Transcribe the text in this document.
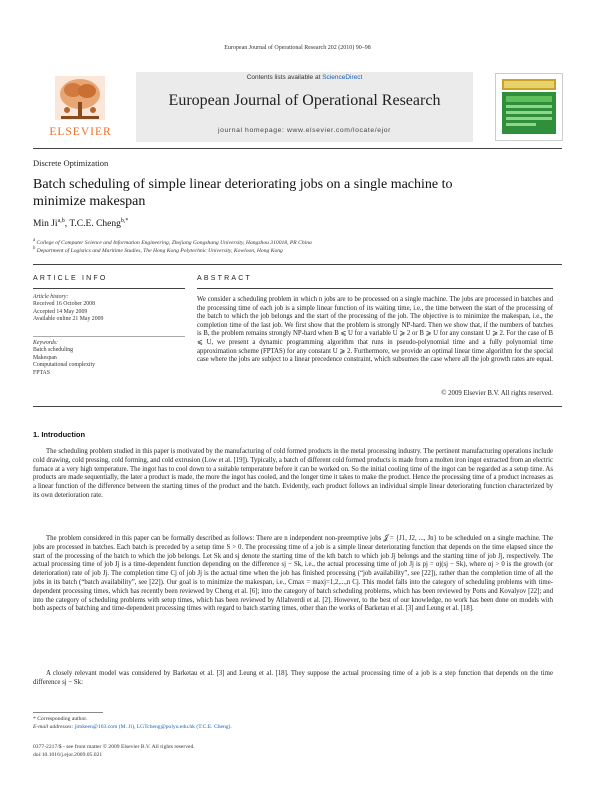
European Journal of Operational Research 202 (2010) 90–98
ELSEVIER
Contents lists available at ScienceDirect
European Journal of Operational Research
journal homepage: www.elsevier.com/locate/ejor
Discrete Optimization
Batch scheduling of simple linear deteriorating jobs on a single machine to minimize makespan
Min Ji$^{a,b}$, T.C.E. Cheng$^{b,*}$
$^a$ College of Computer Science and Information Engineering, Zhejiang Gongshang University, Hangzhou 310018, PR China
$^b$ Department of Logistics and Maritime Studies, The Hong Kong Polytechnic University, Kowloon, Hong Kong
ARTICLE INFO	ABSTRACT
Article history:
Received 16 October 2008
Accepted 14 May 2009
Available online 21 May 2009
Keywords:
Batch scheduling
Makespan
Computational complexity
FPTAS
We consider a scheduling problem in which n jobs are to be processed on a single machine. The jobs are processed in batches and the processing time of each job is a simple linear function of its waiting time, i.e., the time between the start of the processing of the batch to which the job belongs and the start of the processing of the job. The objective is to minimize the makespan, i.e., the completion time of the last job. We first show that the problem is strongly NP-hard. Then we show that, if the numbers of batches is B, the problem remains strongly NP-hard when B ⩽ U for a variable U ⩾ 2 or B ⩾ U for any constant U ⩾ 2. For the case of B ⩽ U, we present a dynamic programming algorithm that runs in pseudo-polynomial time and a fully polynomial time approximation scheme (FPTAS) for any constant U ⩾ 2. Furthermore, we provide an optimal linear time algorithm for the special case where the jobs are subject to a linear precedence constraint, which subsumes the case where all the job growth rates are equal.
© 2009 Elsevier B.V. All rights reserved.
1. Introduction
The scheduling problem studied in this paper is motivated by the manufacturing of cold formed products in the metal processing industry. The pertinent manufacturing operations include cold drawing, cold pressing, cold forming, and cold extrusion (Low et al. [19]). Typically, a batch of different cold formed products is made from a molten iron ingot extracted from an electric furnace at a very high temperature. The ingot has to cool down to a suitable temperature before it can be worked on. So the initial cooling time of the ingot can be regarded as a setup time. As products are made sequentially, the later a product is made, the more the ingot has cooled, and the longer time it takes to make the product. Hence the processing time of a product increases as a linear function of the difference between the starting times of the product and the batch. Evidently, each product follows an individual simple linear deteriorating function characterized by its own deterioration rate.
The problem considered in this paper can be formally described as follows: There are n independent non-preemptive jobs 𝒥 = {J1, J2, ..., Jn} to be scheduled on a single machine. The jobs are processed in batches. Each batch is preceded by a setup time S > 0. The processing time of a job is a simple linear deteriorating function that depends on the time elapsed since the start of the processing of the batch to which the job belongs. Let Sk and sj denote the starting time of the kth batch to which job Jj belongs and the starting time of job Jj, respectively. The actual processing time of job Jj is a time-dependent function depending on the difference sj − Sk, i.e., the actual processing time of job Jj is pj = αj(sj − Sk), where αj > 0 is the growth (or deterioration) rate of job Jj. The completion time Cj of job Jj is the actual time when the job has finished processing (“job availability”, see [22]), rather than the completion time of all the jobs in its batch (“batch availability”, see [22]). Our goal is to minimize the makespan, i.e., Cmax = maxj=1,2,...,n Cj. This model falls into the category of scheduling problems with time-dependent processing times, which has recently been reviewed by Cheng et al. [6]; into the category of batch scheduling problems, which has been reviewed by Potts and Kovalyov [22]; and into the category of scheduling problems with setup times, which has been reviewed by Allahverdi et al. [2]. However, to the best of our knowledge, no work has been done on models with both aspects of batching and time-dependent processing times with regard to batch starting times, other than the works of Barketau et al. [3] and Leung et al. [18].
A closely relevant model was considered by Barketau et al. [3] and Leung et al. [18]. They suppose the actual processing time of a job is a step function that depends on the time difference sj − Sk:
* Corresponding author.
E-mail addresses: jimkeen@163.com (M. Ji), LGTcheng@polyu.edu.hk (T.C.E. Cheng).
0377-2217/$ - see front matter © 2009 Elsevier B.V. All rights reserved.
doi:10.1016/j.ejor.2009.05.021
